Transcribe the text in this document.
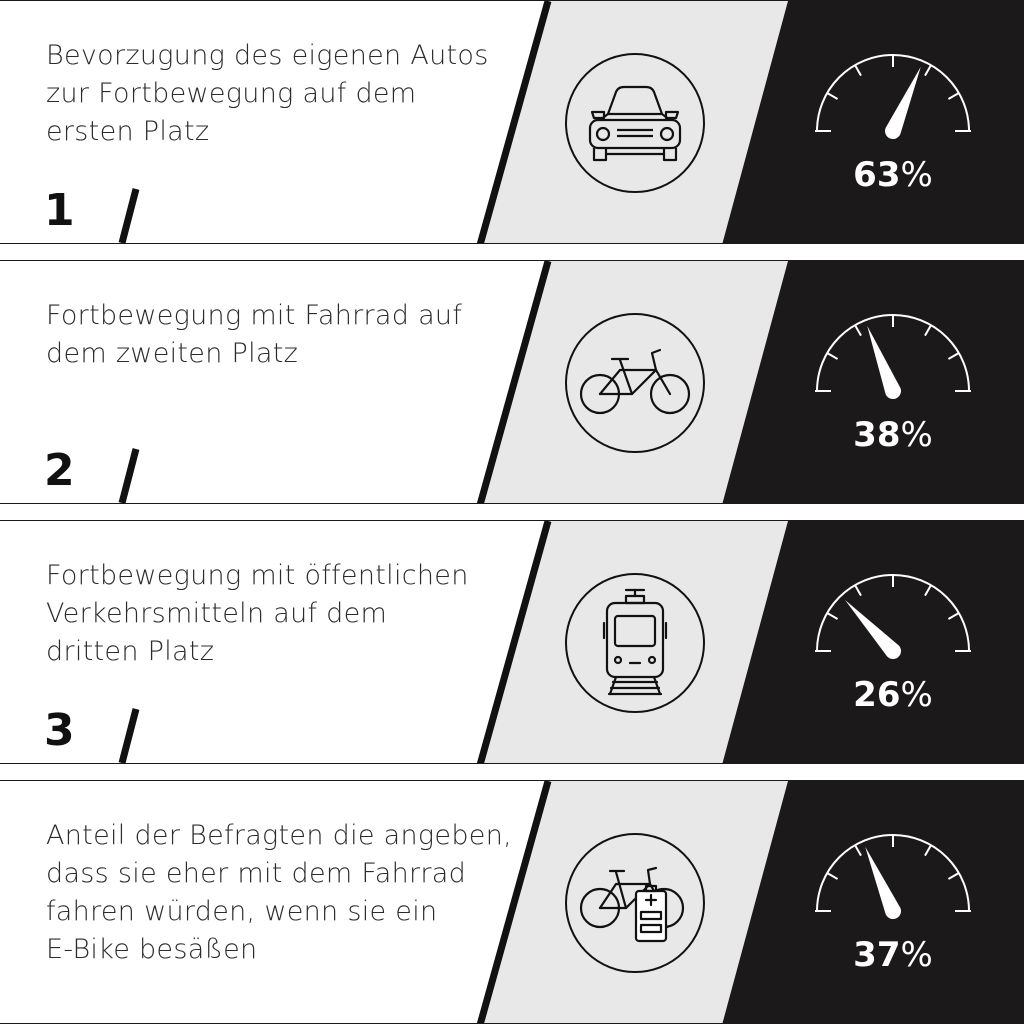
Bevorzugung des eigenen Autos
zur Fortbewegung auf dem
ersten Platz
1
63%
Fortbewegung mit Fahrrad auf
dem zweiten Platz
2
38%
Fortbewegung mit öffentlichen
Verkehrsmitteln auf dem
dritten Platz
3
26%
Anteil der Befragten die angeben,
dass sie eher mit dem Fahrrad
fahren würden, wenn sie ein
E-Bike besäßen	37%
